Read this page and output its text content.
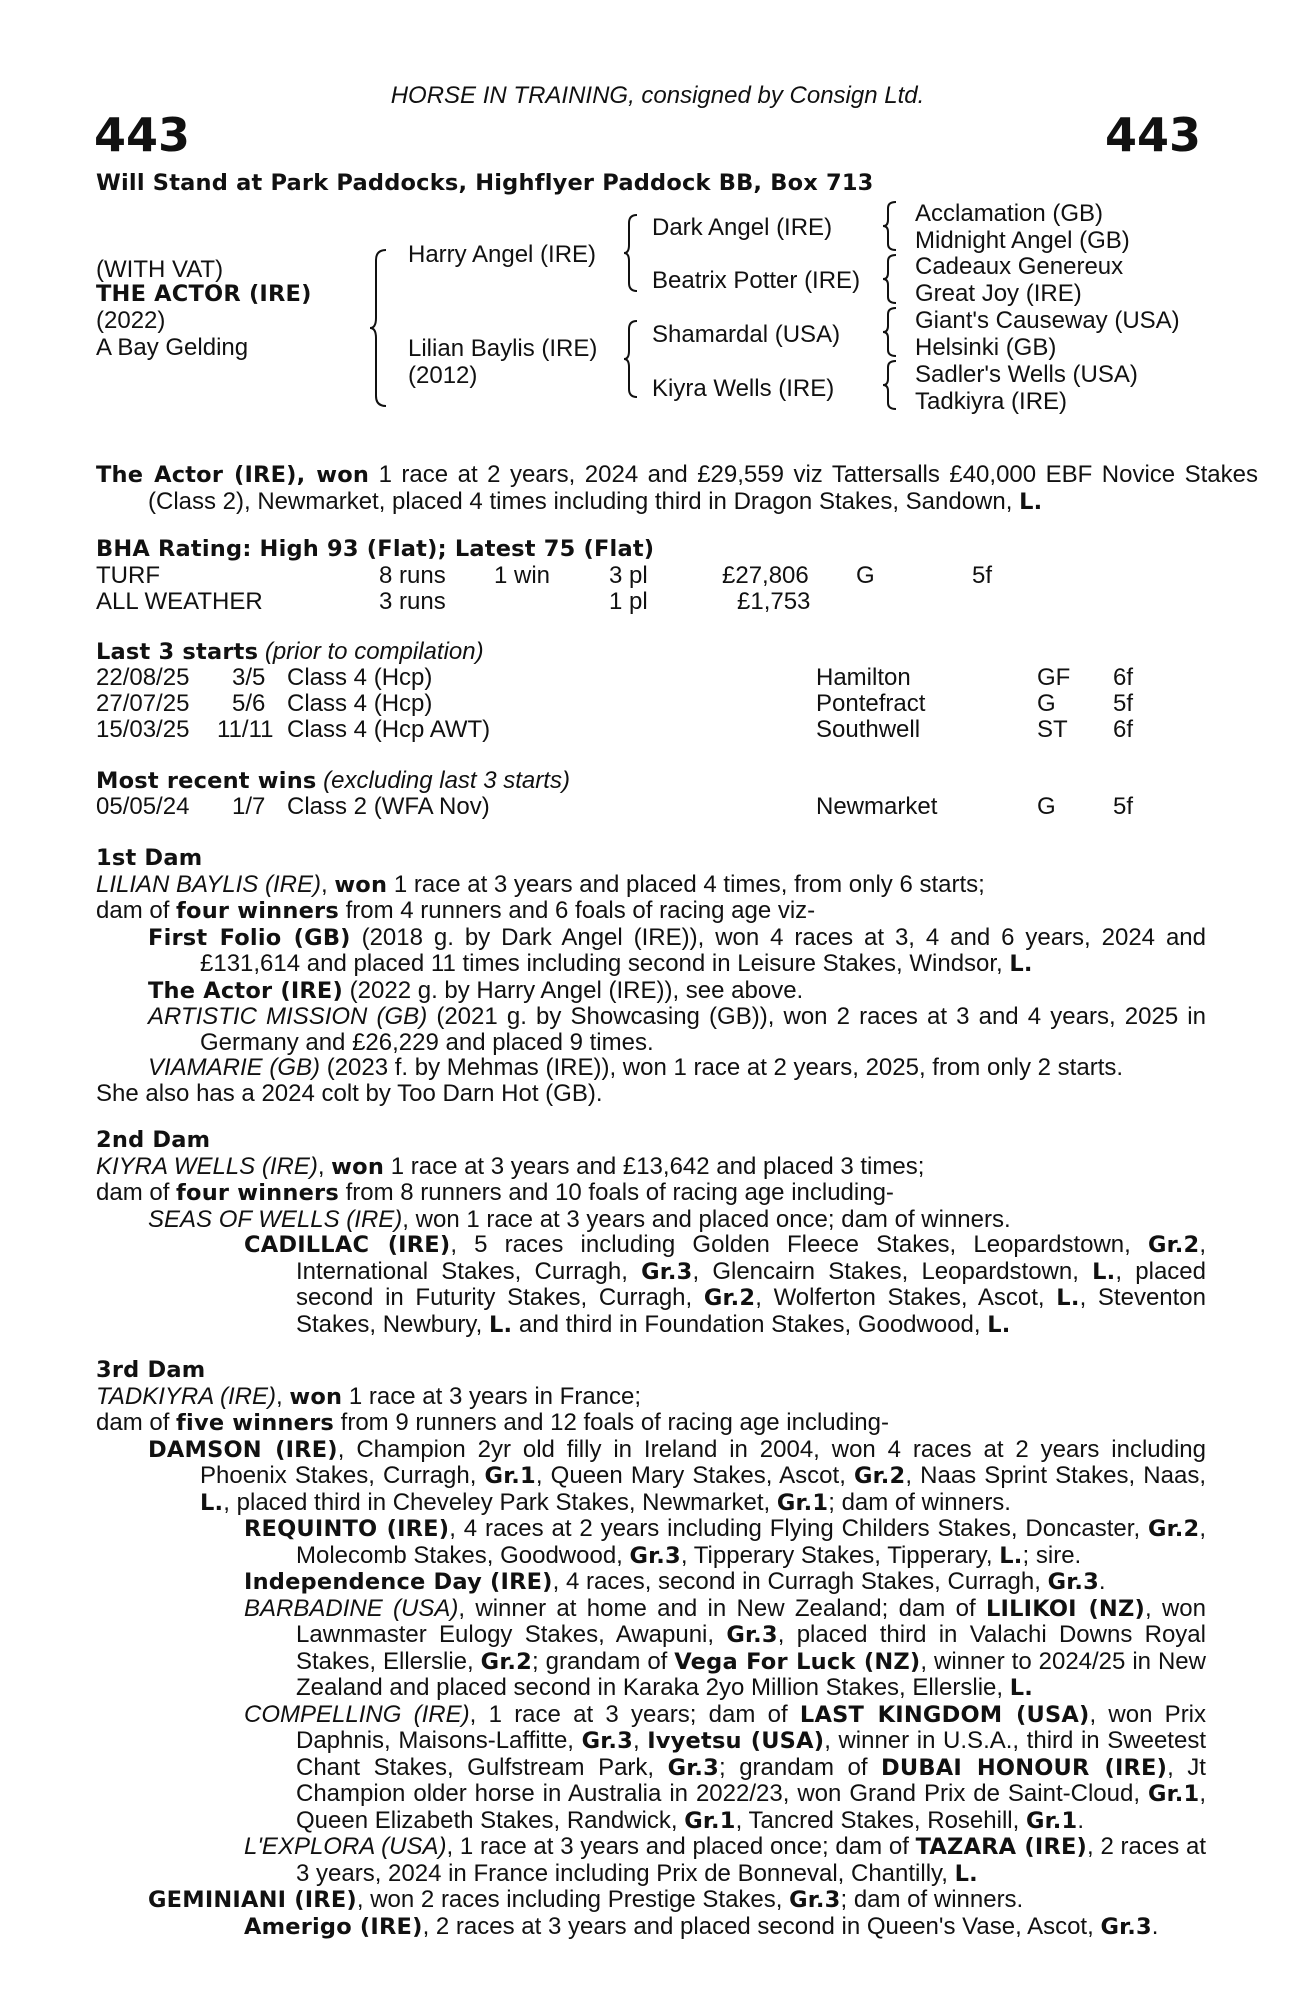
HORSE IN TRAINING, consigned by Consign Ltd.
443	443
Will Stand at Park Paddocks, Highflyer Paddock BB, Box 713
(WITH VAT)
THE ACTOR (IRE)
(2022)
A Bay Gelding
Harry Angel (IRE)
Lilian Baylis (IRE)
(2012)
Dark Angel (IRE)
Beatrix Potter (IRE)
Shamardal (USA)
Kiyra Wells (IRE)
Acclamation (GB)
Midnight Angel (GB)
Cadeaux Genereux
Great Joy (IRE)
Giant's Causeway (USA)
Helsinki (GB)
Sadler's Wells (USA)
Tadkiyra (IRE)
The Actor (IRE), won 1 race at 2 years, 2024 and £29,559 viz Tattersalls £40,000 EBF Novice Stakes (Class 2), Newmarket, placed 4 times including third in Dragon Stakes, Sandown, L.
BHA Rating: High 93 (Flat); Latest 75 (Flat)
TURF	8 runs 1 win 3 pl	£27,806 G	5f
ALL WEATHER	3 runs	1 pl	£1,753
Last 3 starts (prior to compilation)
22/08/25 3/5 Class 4 (Hcp)	Hamilton	GF 6f
27/07/25 5/6 Class 4 (Hcp)	Pontefract	G 5f
15/03/25 11/11 Class 4 (Hcp AWT)	Southwell	ST 6f
Most recent wins (excluding last 3 starts)
05/05/24 1/7 Class 2 (WFA Nov)	Newmarket	G 5f
1st Dam
LILIAN BAYLIS (IRE), won 1 race at 3 years and placed 4 times, from only 6 starts;
dam of four winners from 4 runners and 6 foals of racing age viz-
First Folio (GB) (2018 g. by Dark Angel (IRE)), won 4 races at 3, 4 and 6 years, 2024 and £131,614 and placed 11 times including second in Leisure Stakes, Windsor, L.
The Actor (IRE) (2022 g. by Harry Angel (IRE)), see above.
ARTISTIC MISSION (GB) (2021 g. by Showcasing (GB)), won 2 races at 3 and 4 years, 2025 in Germany and £26,229 and placed 9 times.
VIAMARIE (GB) (2023 f. by Mehmas (IRE)), won 1 race at 2 years, 2025, from only 2 starts.
She also has a 2024 colt by Too Darn Hot (GB).
2nd Dam
KIYRA WELLS (IRE), won 1 race at 3 years and £13,642 and placed 3 times;
dam of four winners from 8 runners and 10 foals of racing age including-
SEAS OF WELLS (IRE), won 1 race at 3 years and placed once; dam of winners.
CADILLAC (IRE), 5 races including Golden Fleece Stakes, Leopardstown, Gr.2, International Stakes, Curragh, Gr.3, Glencairn Stakes, Leopardstown, L., placed second in Futurity Stakes, Curragh, Gr.2, Wolferton Stakes, Ascot, L., Steventon Stakes, Newbury, L. and third in Foundation Stakes, Goodwood, L.
3rd Dam
TADKIYRA (IRE), won 1 race at 3 years in France;
dam of five winners from 9 runners and 12 foals of racing age including-
DAMSON (IRE), Champion 2yr old filly in Ireland in 2004, won 4 races at 2 years including Phoenix Stakes, Curragh, Gr.1, Queen Mary Stakes, Ascot, Gr.2, Naas Sprint Stakes, Naas, L., placed third in Cheveley Park Stakes, Newmarket, Gr.1; dam of winners.
REQUINTO (IRE), 4 races at 2 years including Flying Childers Stakes, Doncaster, Gr.2, Molecomb Stakes, Goodwood, Gr.3, Tipperary Stakes, Tipperary, L.; sire.
Independence Day (IRE), 4 races, second in Curragh Stakes, Curragh, Gr.3.
BARBADINE (USA), winner at home and in New Zealand; dam of LILIKOI (NZ), won Lawnmaster Eulogy Stakes, Awapuni, Gr.3, placed third in Valachi Downs Royal Stakes, Ellerslie, Gr.2; grandam of Vega For Luck (NZ), winner to 2024/25 in New Zealand and placed second in Karaka 2yo Million Stakes, Ellerslie, L.
COMPELLING (IRE), 1 race at 3 years; dam of LAST KINGDOM (USA), won Prix Daphnis, Maisons-Laffitte, Gr.3, Ivyetsu (USA), winner in U.S.A., third in Sweetest Chant Stakes, Gulfstream Park, Gr.3; grandam of DUBAI HONOUR (IRE), Jt Champion older horse in Australia in 2022/23, won Grand Prix de Saint-Cloud, Gr.1, Queen Elizabeth Stakes, Randwick, Gr.1, Tancred Stakes, Rosehill, Gr.1.
L'EXPLORA (USA), 1 race at 3 years and placed once; dam of TAZARA (IRE), 2 races at 3 years, 2024 in France including Prix de Bonneval, Chantilly, L.
GEMINIANI (IRE), won 2 races including Prestige Stakes, Gr.3; dam of winners.
Amerigo (IRE), 2 races at 3 years and placed second in Queen's Vase, Ascot, Gr.3.
